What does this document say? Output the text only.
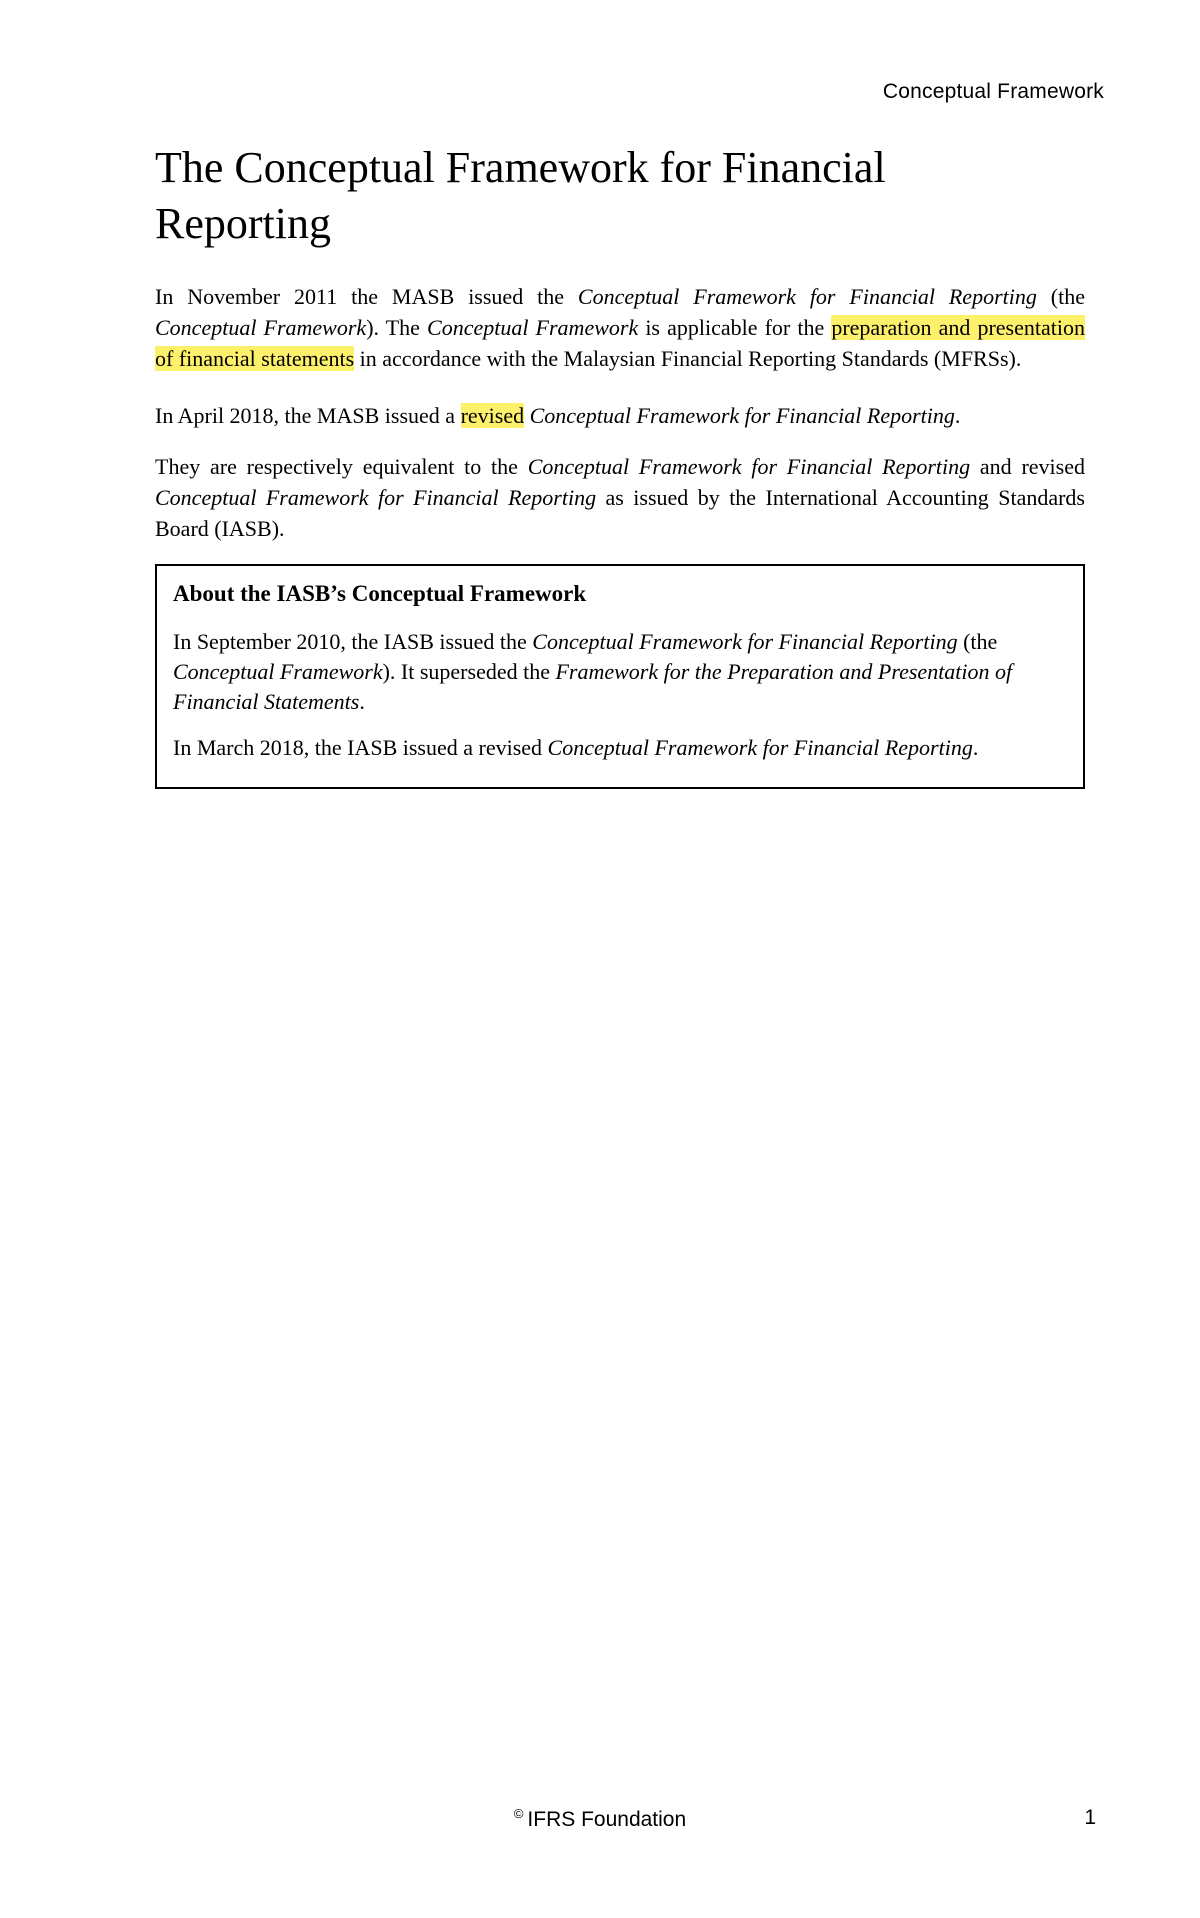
Conceptual Framework
The Conceptual Framework for Financial Reporting

In November 2011 the MASB issued the Conceptual Framework for Financial Reporting (the Conceptual Framework). The Conceptual Framework is applicable for the preparation and presentation of financial statements in accordance with the Malaysian Financial Reporting Standards (MFRSs).

In April 2018, the MASB issued a revised Conceptual Framework for Financial Reporting.

They are respectively equivalent to the Conceptual Framework for Financial Reporting and revised Conceptual Framework for Financial Reporting as issued by the International Accounting Standards Board (IASB).

About the IASB’s Conceptual Framework

In September 2010, the IASB issued the Conceptual Framework for Financial Reporting (the Conceptual Framework). It superseded the Framework for the Preparation and Presentation of Financial Statements.

In March 2018, the IASB issued a revised Conceptual Framework for Financial Reporting.

© IFRS Foundation	1
